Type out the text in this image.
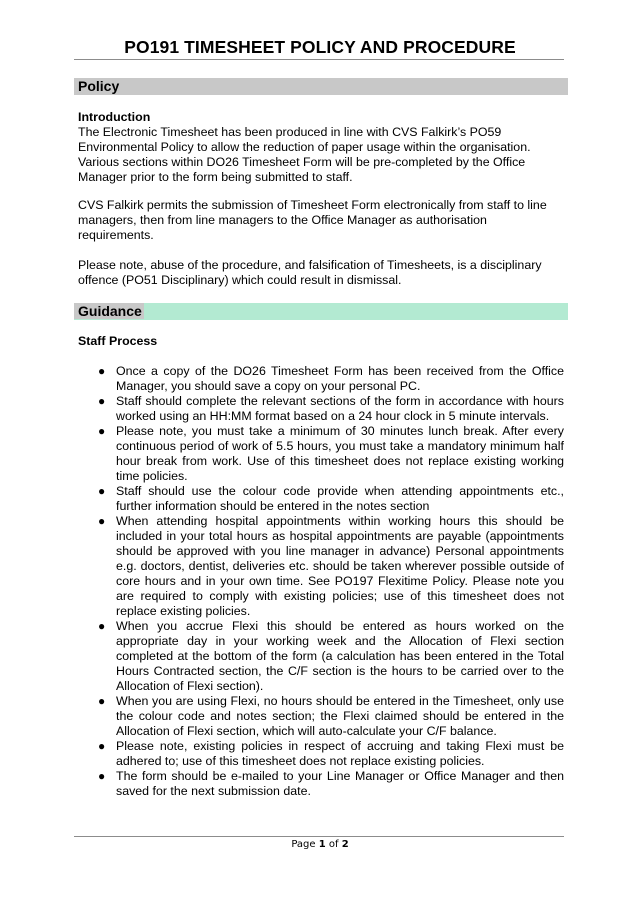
PO191 TIMESHEET POLICY AND PROCEDURE
Policy
Introduction

The Electronic Timesheet has been produced in line with CVS Falkirk’s PO59 Environmental Policy to allow the reduction of paper usage within the organisation. Various sections within DO26 Timesheet Form will be pre-completed by the Office Manager prior to the form being submitted to staff.

CVS Falkirk permits the submission of Timesheet Form electronically from staff to line managers, then from line managers to the Office Manager as authorisation requirements.

Please note, abuse of the procedure, and falsification of Timesheets, is a disciplinary offence (PO51 Disciplinary) which could result in dismissal.

Guidance
Staff Process
● Once a copy of the DO26 Timesheet Form has been received from the Office Manager, you should save a copy on your personal PC.
● Staff should complete the relevant sections of the form in accordance with hours worked using an HH:MM format based on a 24 hour clock in 5 minute intervals.
● Please note, you must take a minimum of 30 minutes lunch break. After every continuous period of work of 5.5 hours, you must take a mandatory minimum half hour break from work. Use of this timesheet does not replace existing working time policies.
● Staff should use the colour code provide when attending appointments etc., further information should be entered in the notes section
● When attending hospital appointments within working hours this should be included in your total hours as hospital appointments are payable (appointments should be approved with you line manager in advance) Personal appointments e.g. doctors, dentist, deliveries etc. should be taken wherever possible outside of core hours and in your own time. See PO197 Flexitime Policy. Please note you are required to comply with existing policies; use of this timesheet does not replace existing policies.
● When you accrue Flexi this should be entered as hours worked on the appropriate day in your working week and the Allocation of Flexi section completed at the bottom of the form (a calculation has been entered in the Total Hours Contracted section, the C/F section is the hours to be carried over to the Allocation of Flexi section).
● When you are using Flexi, no hours should be entered in the Timesheet, only use the colour code and notes section; the Flexi claimed should be entered in the Allocation of Flexi section, which will auto-calculate your C/F balance.
● Please note, existing policies in respect of accruing and taking Flexi must be adhered to; use of this timesheet does not replace existing policies.
● The form should be e-mailed to your Line Manager or Office Manager and then saved for the next submission date.
Page 1 of 2
